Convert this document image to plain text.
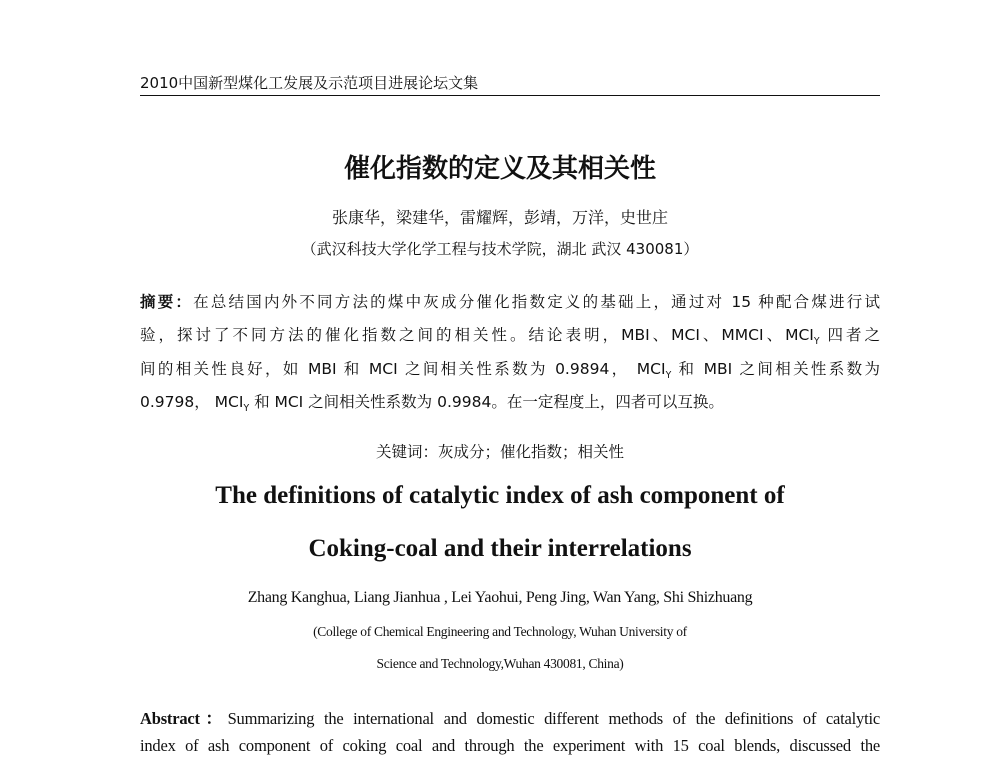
2010中国新型煤化工发展及示范项目进展论坛文集
催化指数的定义及其相关性
张康华，梁建华，雷耀辉，彭靖，万洋，史世庄
（武汉科技大学化学工程与技术学院，湖北 武汉 430081）
摘要：在总结国内外不同方法的煤中灰成分催化指数定义的基础上，通过对 15 种配合煤进行试
验，探讨了不同方法的催化指数之间的相关性。结论表明，MBI、MCI、MMCI、$MCI_Y$ 四者之
间的相关性良好，如 MBI 和 MCI 之间相关性系数为 0.9894， $MCI_Y$ 和 MBI 之间相关性系数为
0.9798， $MCI_Y$ 和 MCI 之间相关性系数为 0.9984。在一定程度上，四者可以互换。
关键词：灰成分；催化指数；相关性
The definitions of catalytic index of ash component of
Coking-coal and their interrelations
Zhang Kanghua, Liang Jianhua , Lei Yaohui, Peng Jing, Wan Yang, Shi Shizhuang
(College of Chemical Engineering and Technology, Wuhan University of
Science and Technology,Wuhan 430081, China)
Abstract：Summarizing the international and domestic different methods of the definitions of catalytic
index of ash component of coking coal and through the experiment with 15 coal blends, discussed the
